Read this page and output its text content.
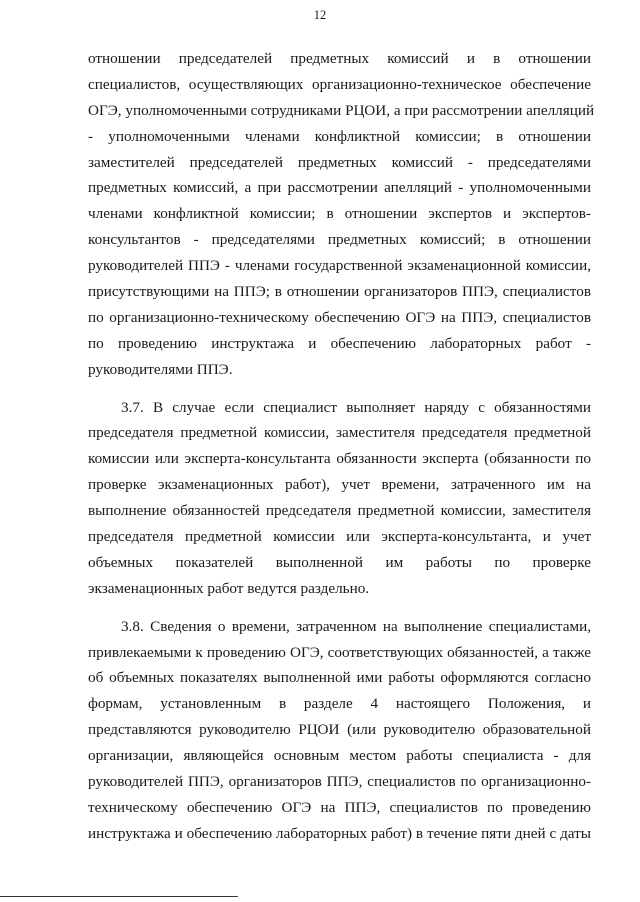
12
отношении председателей предметных комиссий и в отношении
специалистов, осуществляющих организационно-техническое обеспечение
ОГЭ, уполномоченными сотрудниками РЦОИ, а при рассмотрении апелляций
- уполномоченными членами конфликтной комиссии; в отношении
заместителей председателей предметных комиссий - председателями
предметных комиссий, а при рассмотрении апелляций - уполномоченными
членами конфликтной комиссии; в отношении экспертов и экспертов-
консультантов - председателями предметных комиссий; в отношении
руководителей ППЭ - членами государственной экзаменационной комиссии,
присутствующими на ППЭ; в отношении организаторов ППЭ, специалистов
по организационно-техническому обеспечению ОГЭ на ППЭ, специалистов
по проведению инструктажа и обеспечению лабораторных работ -
руководителями ППЭ.
3.7. В случае если специалист выполняет наряду с обязанностями
председателя предметной комиссии, заместителя председателя предметной
комиссии или эксперта-консультанта обязанности эксперта (обязанности по
проверке экзаменационных работ), учет времени, затраченного им на
выполнение обязанностей председателя предметной комиссии, заместителя
председателя предметной комиссии или эксперта-консультанта, и учет
объемных показателей выполненной им работы по проверке
экзаменационных работ ведутся раздельно.
3.8. Сведения о времени, затраченном на выполнение специалистами,
привлекаемыми к проведению ОГЭ, соответствующих обязанностей, а также
об объемных показателях выполненной ими работы оформляются согласно
формам, установленным в разделе 4 настоящего Положения, и
представляются руководителю РЦОИ (или руководителю образовательной
организации, являющейся основным местом работы специалиста - для
руководителей ППЭ, организаторов ППЭ, специалистов по организационно-
техническому обеспечению ОГЭ на ППЭ, специалистов по проведению
инструктажа и обеспечению лабораторных работ) в течение пяти дней с даты
